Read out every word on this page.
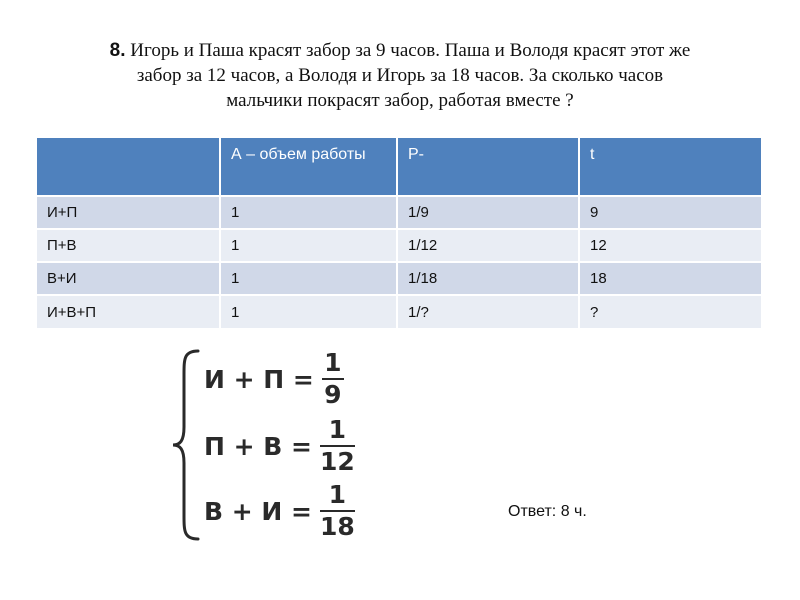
8. Игорь и Паша красят забор за 9 часов. Паша и Володя красят этот же
забор за 12 часов, а Володя и Игорь за 18 часов. За сколько часов
мальчики покрасят забор, работая вместе ?
	А – объем работы	P-	t
И+П	1	1/9	9
П+В	1	1/12	12
В+И	1	1/18	18
И+В+П	1	1/?	?
$И + П = \frac{1}{9}$
$П + В = \frac{1}{12}$
$В + И = \frac{1}{18}$	Ответ: 8 ч.
